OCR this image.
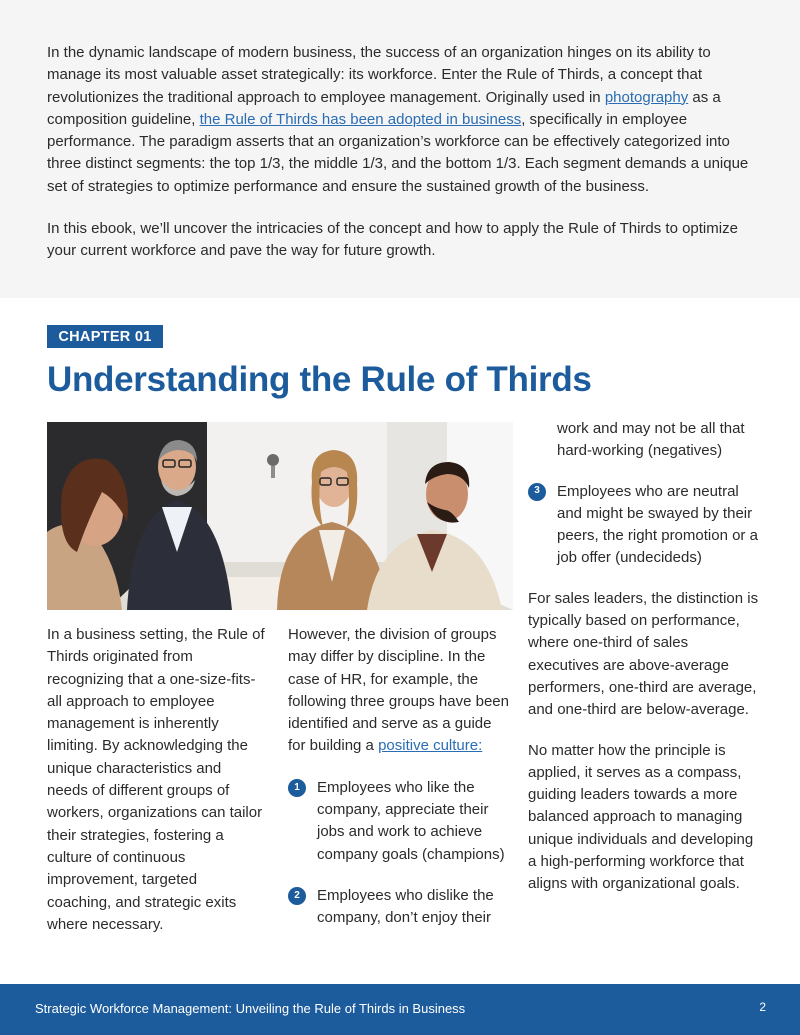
In the dynamic landscape of modern business, the success of an organization hinges on its ability to manage its most valuable asset strategically: its workforce. Enter the Rule of Thirds, a concept that revolutionizes the traditional approach to employee management. Originally used in photography as a composition guideline, the Rule of Thirds has been adopted in business, specifically in employee performance. The paradigm asserts that an organization’s workforce can be effectively categorized into three distinct segments: the top 1/3, the middle 1/3, and the bottom 1/3. Each segment demands a unique set of strategies to optimize performance and ensure the sustained growth of the business.

In this ebook, we’ll uncover the intricacies of the concept and how to apply the Rule of Thirds to optimize your current workforce and pave the way for future growth.

CHAPTER 01
Understanding the Rule of Thirds

In a business setting, the Rule of Thirds originated from recognizing that a one-size-fits-all approach to employee management is inherently limiting. By acknowledging the unique characteristics and needs of different groups of workers, organizations can tailor their strategies, fostering a culture of continuous improvement, targeted coaching, and strategic exits where necessary.

However, the division of groups may differ by discipline. In the case of HR, for example, the following three groups have been identified and serve as a guide for building a positive culture:

1	Employees who like the company, appreciate their jobs and work to achieve company goals (champions)
2	Employees who dislike the company, don’t enjoy their
work and may not be all that hard-working (negatives)
3	Employees who are neutral and might be swayed by their peers, the right promotion or a job offer (undecideds)

For sales leaders, the distinction is typically based on performance, where one-third of sales executives are above-average performers, one-third are average, and one-third are below-average.

No matter how the principle is applied, it serves as a compass, guiding leaders towards a more balanced approach to managing unique individuals and developing a high-performing workforce that aligns with organizational goals.

Strategic Workforce Management: Unveiling the Rule of Thirds in Business	2
